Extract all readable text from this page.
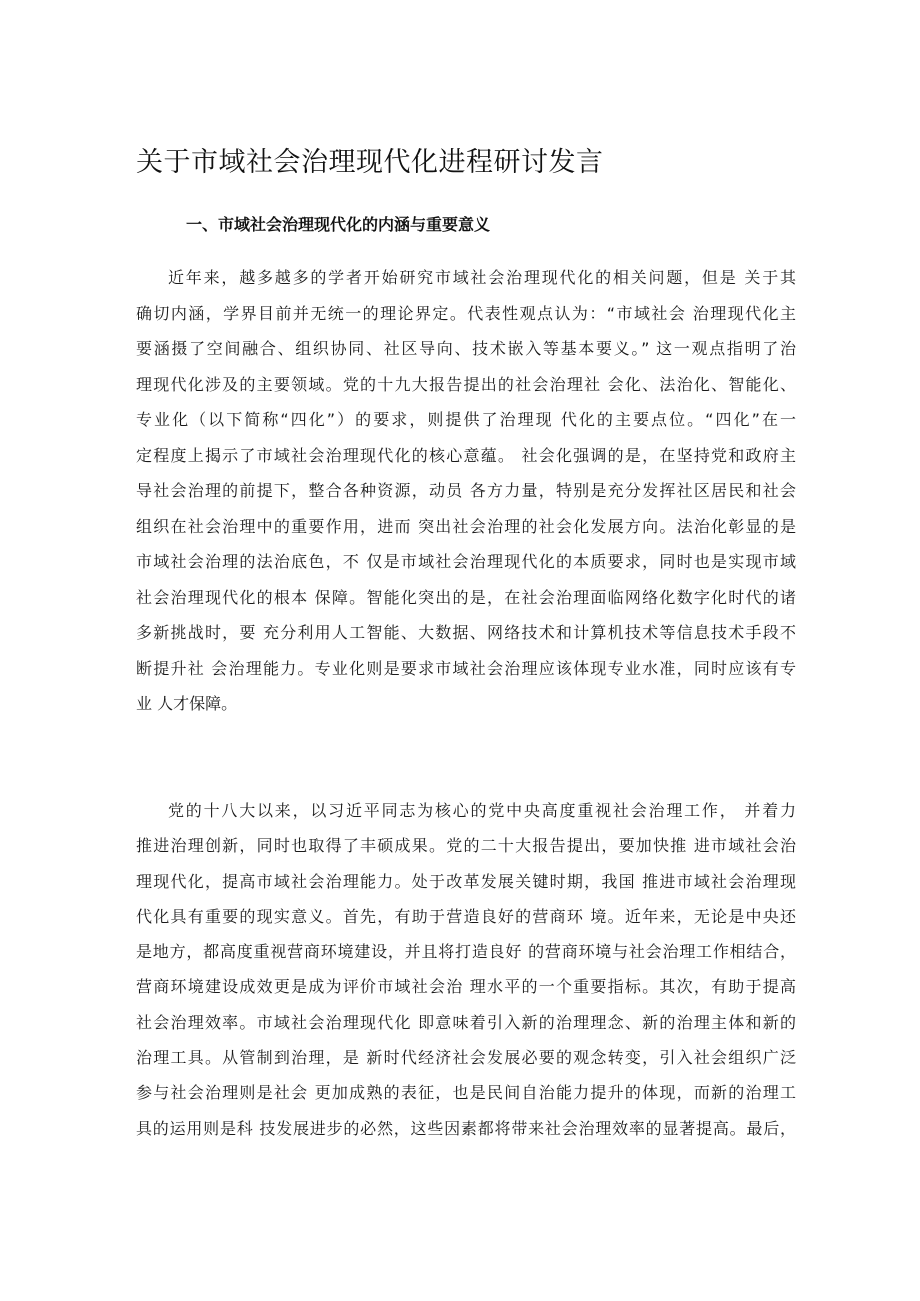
关于市域社会治理现代化进程研讨发言
一、市域社会治理现代化的内涵与重要意义
近年来，越多越多的学者开始研究市域社会治理现代化的相关问题，但是 关于其
确切内涵，学界目前并无统一的理论界定。代表性观点认为：“市域社会 治理现代化主
要涵摄了空间融合、组织协同、社区导向、技术嵌入等基本要义。” 这一观点指明了治
理现代化涉及的主要领域。党的十九大报告提出的社会治理社 会化、法治化、智能化、
专业化（以下简称“四化”）的要求，则提供了治理现 代化的主要点位。“四化”在一
定程度上揭示了市域社会治理现代化的核心意蕴。 社会化强调的是，在坚持党和政府主
导社会治理的前提下，整合各种资源，动员 各方力量，特别是充分发挥社区居民和社会
组织在社会治理中的重要作用，进而 突出社会治理的社会化发展方向。法治化彰显的是
市域社会治理的法治底色，不 仅是市域社会治理现代化的本质要求，同时也是实现市域
社会治理现代化的根本 保障。智能化突出的是，在社会治理面临网络化数字化时代的诸
多新挑战时，要 充分利用人工智能、大数据、网络技术和计算机技术等信息技术手段不
断提升社 会治理能力。专业化则是要求市域社会治理应该体现专业水准，同时应该有专
业 人才保障。
党的十八大以来，以习近平同志为核心的党中央高度重视社会治理工作， 并着力
推进治理创新，同时也取得了丰硕成果。党的二十大报告提出，要加快推 进市域社会治
理现代化，提高市域社会治理能力。处于改革发展关键时期，我国 推进市域社会治理现
代化具有重要的现实意义。首先，有助于营造良好的营商环 境。近年来，无论是中央还
是地方，都高度重视营商环境建设，并且将打造良好 的营商环境与社会治理工作相结合，
营商环境建设成效更是成为评价市域社会治 理水平的一个重要指标。其次，有助于提高
社会治理效率。市域社会治理现代化 即意味着引入新的治理理念、新的治理主体和新的
治理工具。从管制到治理，是 新时代经济社会发展必要的观念转变，引入社会组织广泛
参与社会治理则是社会 更加成熟的表征，也是民间自治能力提升的体现，而新的治理工
具的运用则是科 技发展进步的必然，这些因素都将带来社会治理效率的显著提高。最后，
